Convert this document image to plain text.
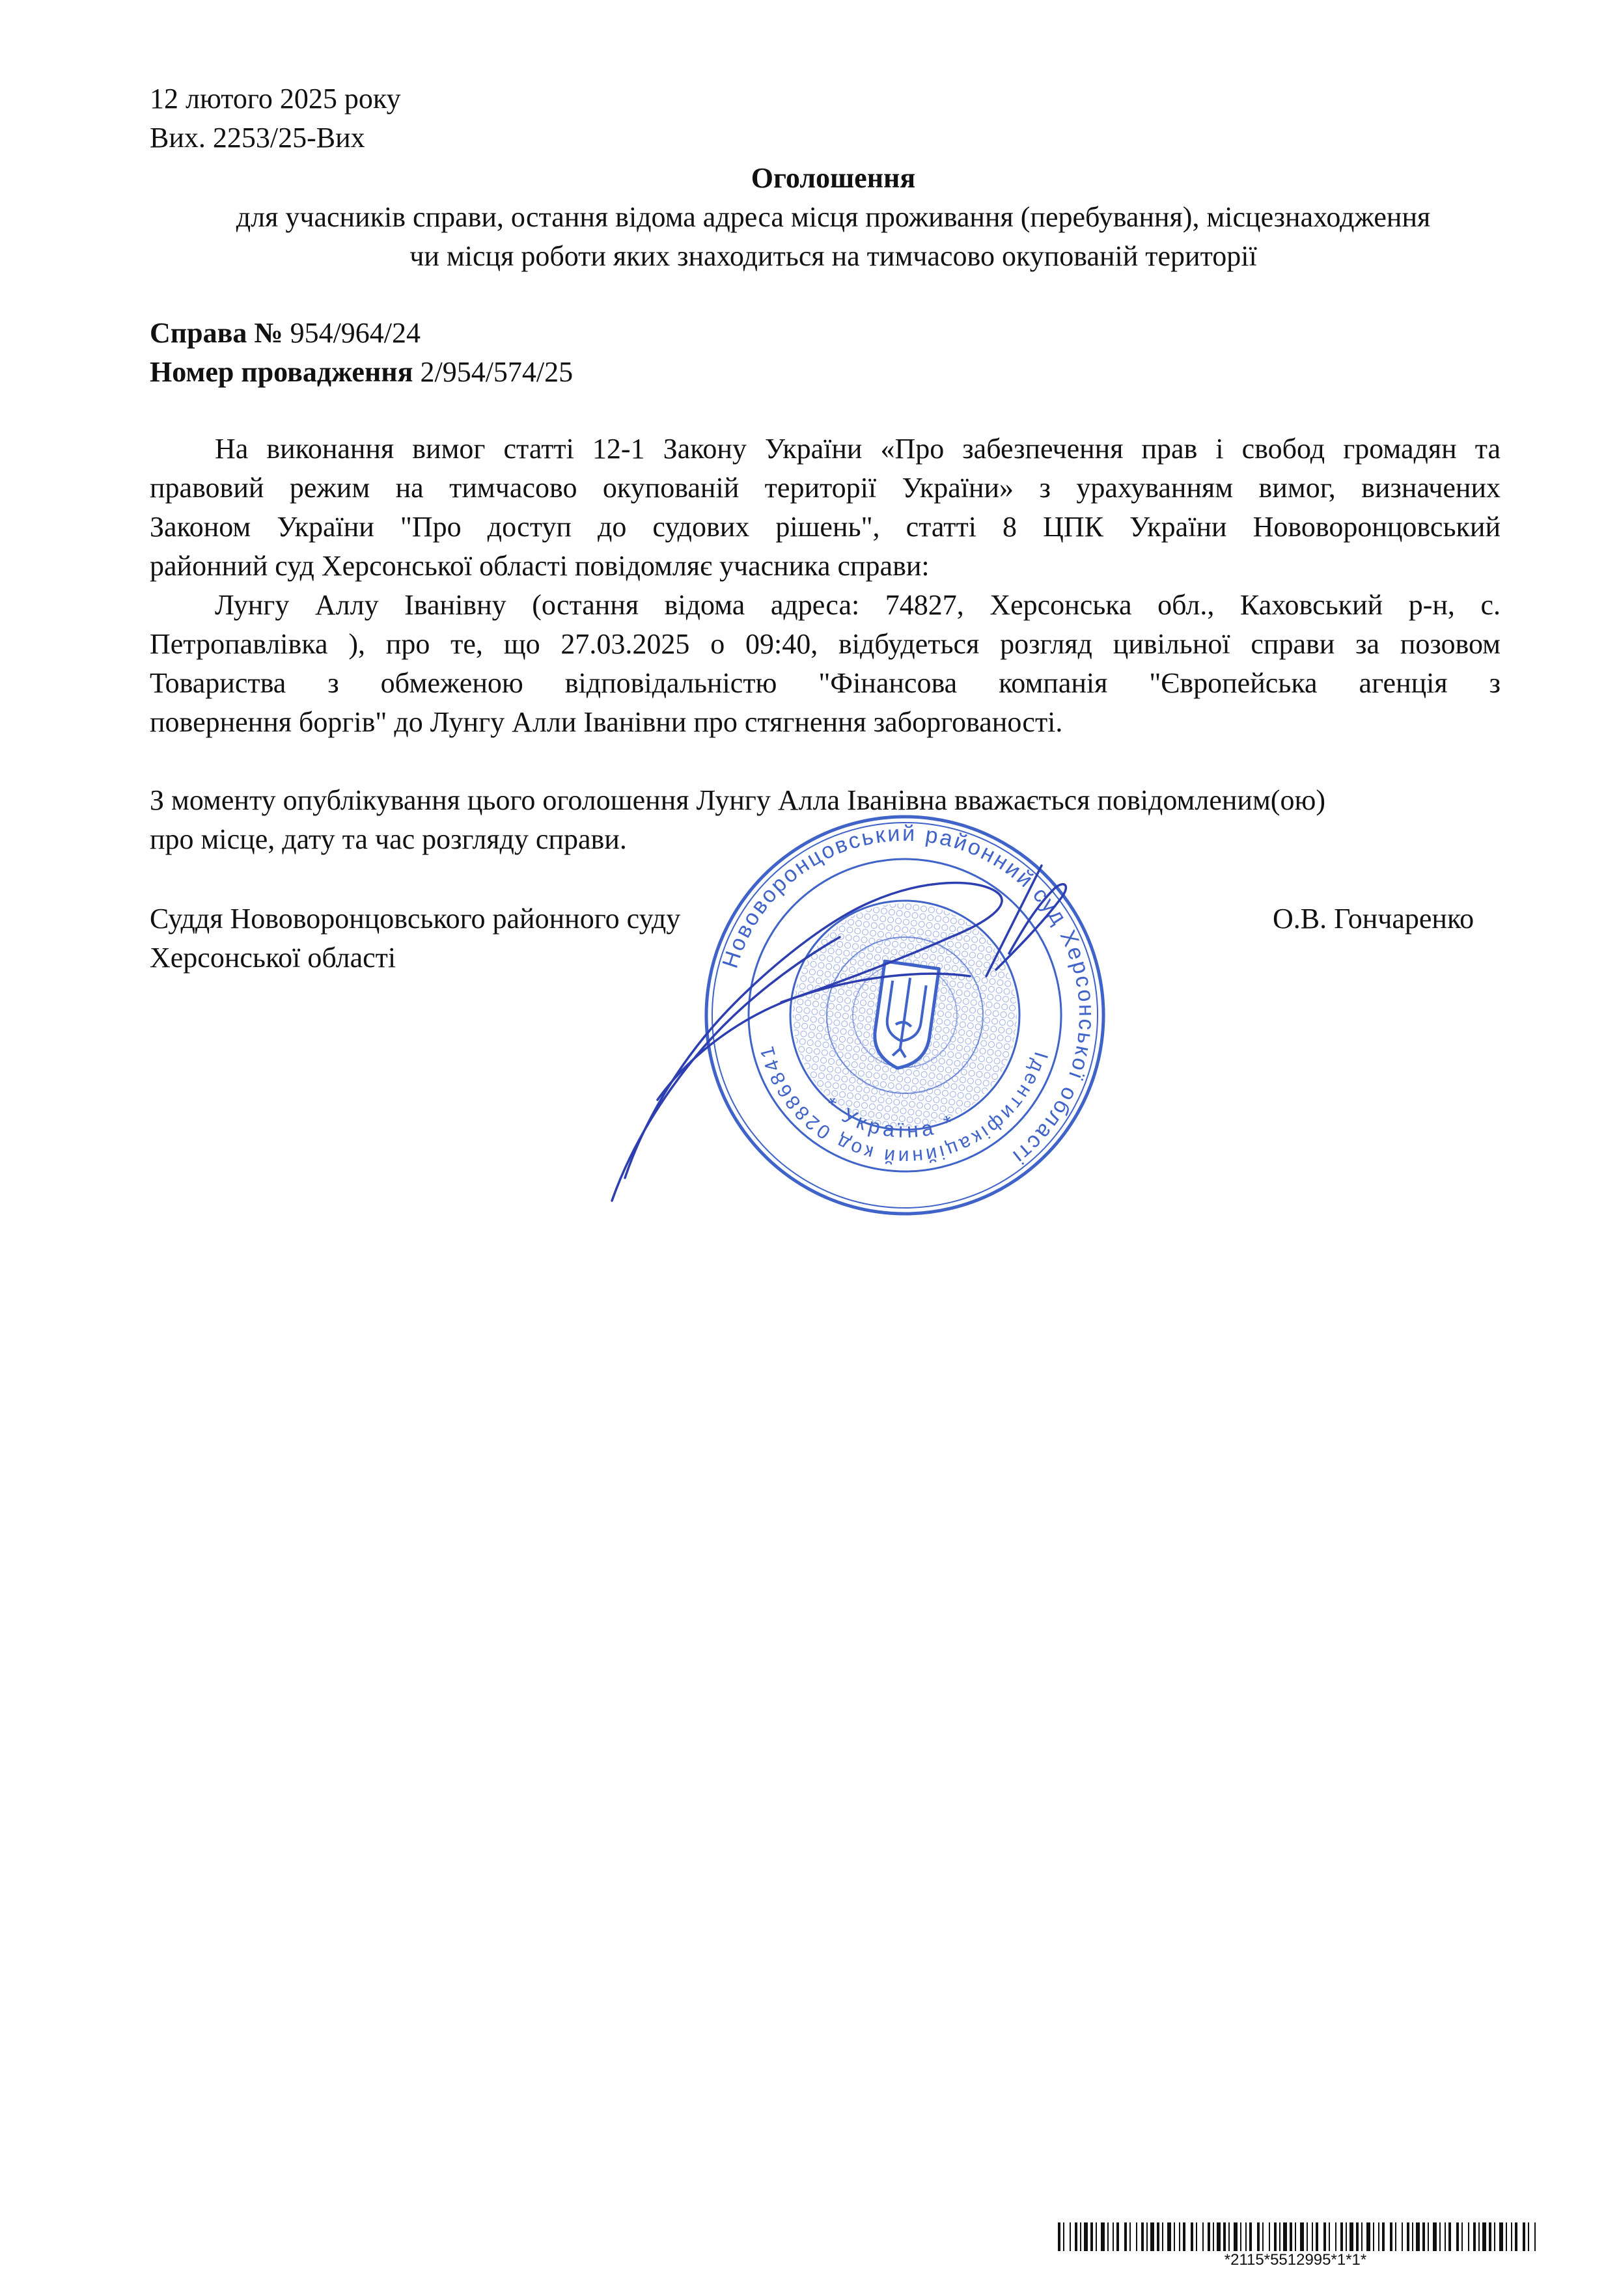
12 лютого 2025 року
Вих. 2253/25-Вих
Оголошення
для учасників справи, остання відома адреса місця проживання (перебування), місцезнаходження
чи місця роботи яких знаходиться на тимчасово окупованій території
Справа № 954/964/24
Номер провадження 2/954/574/25
На виконання вимог статті 12-1 Закону України «Про забезпечення прав і свобод громадян та
правовий режим на тимчасово окупованій території України» з урахуванням вимог, визначених
Законом України "Про доступ до судових рішень", статті 8 ЦПК України Нововоронцовський
районний суд Херсонської області повідомляє учасника справи:
Лунгу Аллу Іванівну (остання відома адреса: 74827, Херсонська обл., Каховський р-н, с.
Петропавлівка ), про те, що 27.03.2025 о 09:40, відбудеться розгляд цивільної справи за позовом
Товариства з обмеженою відповідальністю "Фінансова компанія "Європейська агенція з
повернення боргів" до Лунгу Алли Іванівни про стягнення заборгованості.
З моменту опублікування цього оголошення Лунгу Алла Іванівна вважається повідомленим(ою)
про місце, дату та час розгляду справи.
Суддя Нововоронцовського районного суду
Херсонської області
О.В. Гончаренко
Нововоронцовський районний суд Херсонської області
Ідентифікаційний код 02886841
* Україна *
*2115*5512995*1*1*
